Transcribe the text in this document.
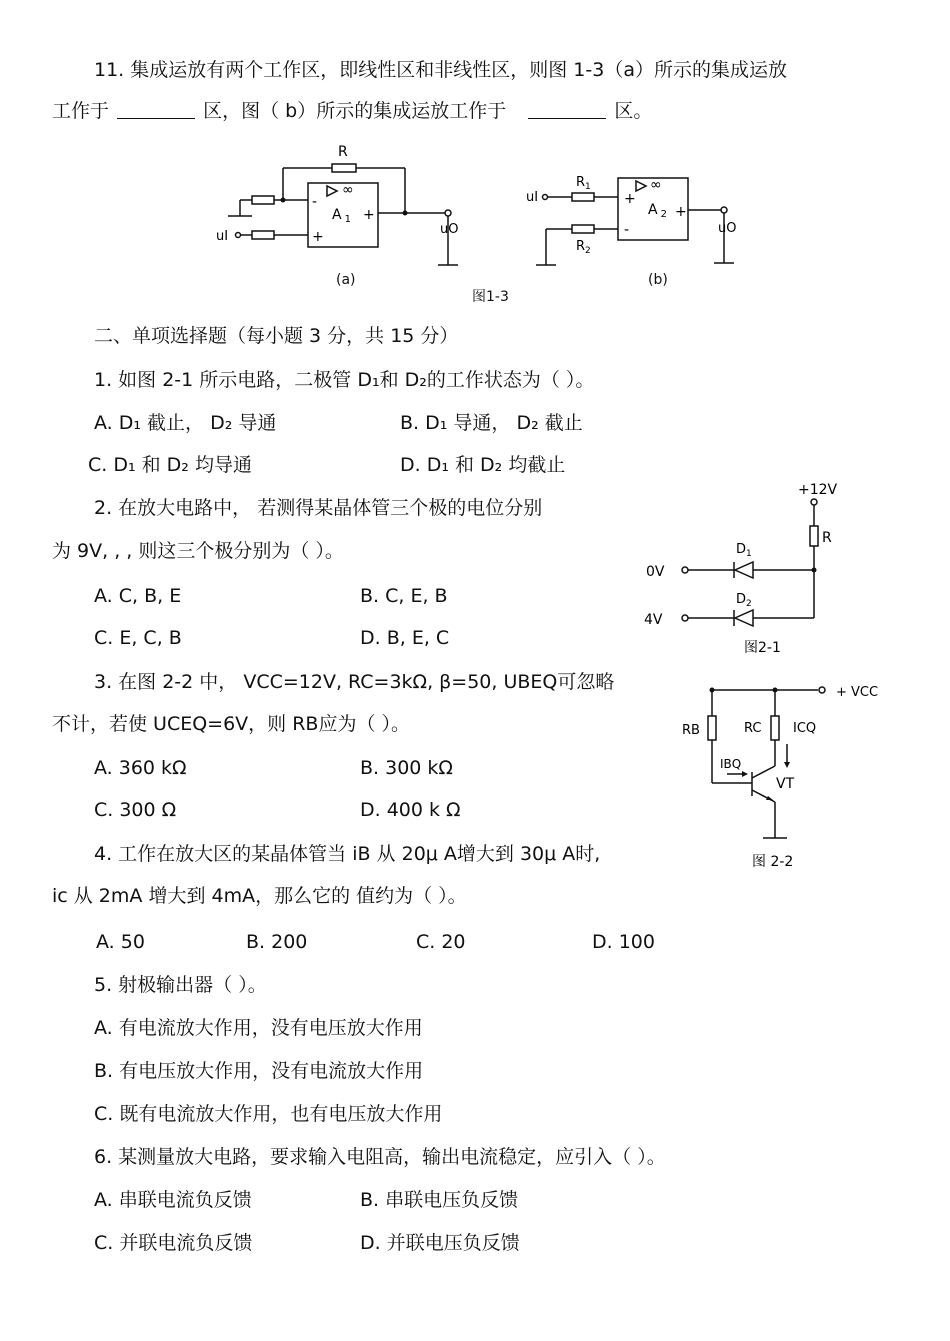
11. 集成运放有两个工作区，即线性区和非线性区，则图 1-3（a）所示的集成运放
工作于	区，图（ b）所示的集成运放工作于	区。
R
∞
-
+
+
A $_1$
uI	uO
(a)
∞
+
-
+
A $_2$
$R_1$
$R_2$
uI
uO
(b)
图1-3
二、单项选择题（每小题 3 分，共 15 分）
1. 如图 2-1 所示电路，二极管 D₁和 D₂的工作状态为（ ）。
A. D₁ 截止， D₂ 导通	B. D₁ 导通， D₂ 截止
C. D₁ 和 D₂ 均导通	D. D₁ 和 D₂ 均截止
+12V
R
$D_1$
$D_2$
0V
4V
图2-1
2. 在放大电路中， 若测得某晶体管三个极的电位分别
为 9V, , , 则这三个极分别为（ ）。
A. C, B, E	B. C, E, B
C. E, C, B	D. B, E, C
+ VCC
RB	RC ICQ
IBQ
VT
图 2-2
3. 在图 2-2 中， VCC=12V, RC=3kΩ, β=50, UBEQ可忽略
不计，若使 UCEQ=6V，则 RB应为（ ）。
A. 360 kΩ	B. 300 kΩ
C. 300 Ω	D. 400 k Ω
4. 工作在放大区的某晶体管当 iB 从 20μ A增大到 30μ A时,
ic 从 2mA 增大到 4mA，那么它的 值约为（ ）。
A. 50	B. 200	C. 20	D. 100
5. 射极输出器（ ）。
A. 有电流放大作用，没有电压放大作用
B. 有电压放大作用，没有电流放大作用
C. 既有电流放大作用，也有电压放大作用
6. 某测量放大电路，要求输入电阻高，输出电流稳定，应引入（ ）。
A. 串联电流负反馈	B. 串联电压负反馈
C. 并联电流负反馈	D. 并联电压负反馈
